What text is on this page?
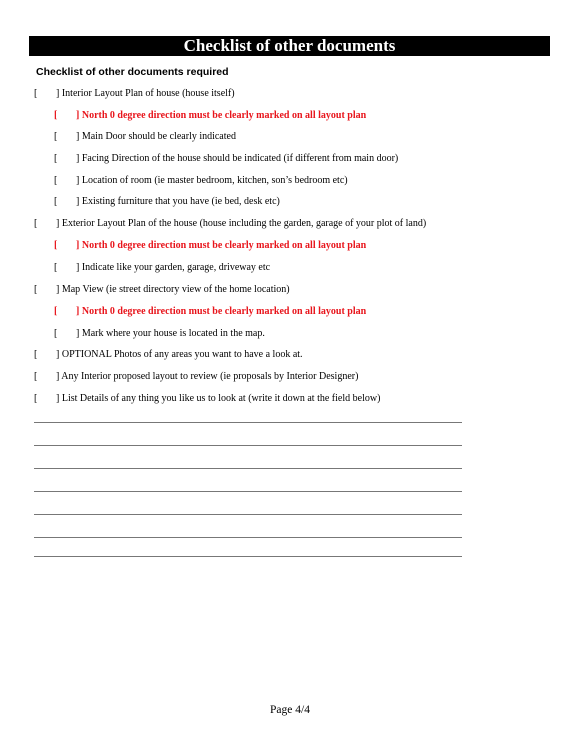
Checklist of other documents
Checklist of other documents required
[ ] Interior Layout Plan of house (house itself)
[ ] North 0 degree direction must be clearly marked on all layout plan
[ ] Main Door should be clearly indicated
[ ] Facing Direction of the house should be indicated (if different from main door)
[ ] Location of room (ie master bedroom, kitchen, son’s bedroom etc)
[ ] Existing furniture that you have (ie bed, desk etc)
[ ] Exterior Layout Plan of the house (house including the garden, garage of your plot of land)
[ ] North 0 degree direction must be clearly marked on all layout plan
[ ] Indicate like your garden, garage, driveway etc
[ ] Map View (ie street directory view of the home location)
[ ] North 0 degree direction must be clearly marked on all layout plan
[ ] Mark where your house is located in the map.
[ ] OPTIONAL Photos of any areas you want to have a look at.
[ ] Any Interior proposed layout to review (ie proposals by Interior Designer)
[ ] List Details of any thing you like us to look at (write it down at the field below)
Page 4/4
